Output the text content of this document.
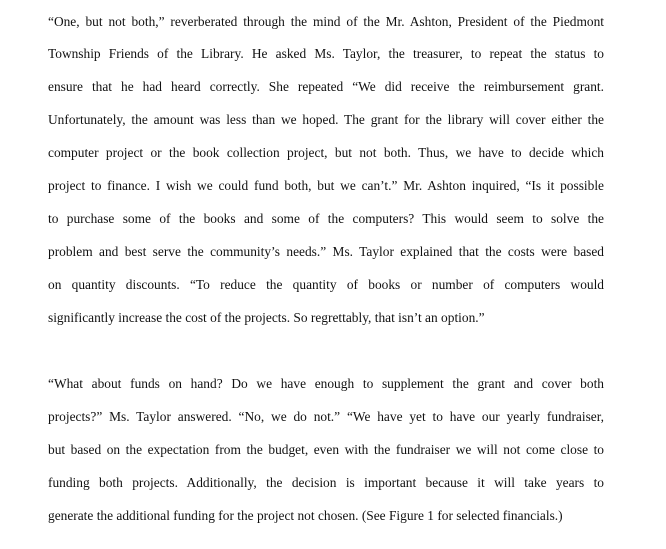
“One, but not both,” reverberated through the mind of the Mr. Ashton, President of the Piedmont
Township Friends of the Library. He asked Ms. Taylor, the treasurer, to repeat the status to
ensure that he had heard correctly. She repeated “We did receive the reimbursement grant.
Unfortunately, the amount was less than we hoped. The grant for the library will cover either the
computer project or the book collection project, but not both. Thus, we have to decide which
project to finance. I wish we could fund both, but we can’t.” Mr. Ashton inquired, “Is it possible
to purchase some of the books and some of the computers? This would seem to solve the
problem and best serve the community’s needs.” Ms. Taylor explained that the costs were based
on quantity discounts. “To reduce the quantity of books or number of computers would
significantly increase the cost of the projects. So regrettably, that isn’t an option.”
“What about funds on hand? Do we have enough to supplement the grant and cover both
projects?” Ms. Taylor answered. “No, we do not.” “We have yet to have our yearly fundraiser,
but based on the expectation from the budget, even with the fundraiser we will not come close to
funding both projects. Additionally, the decision is important because it will take years to
generate the additional funding for the project not chosen. (See Figure 1 for selected financials.)
